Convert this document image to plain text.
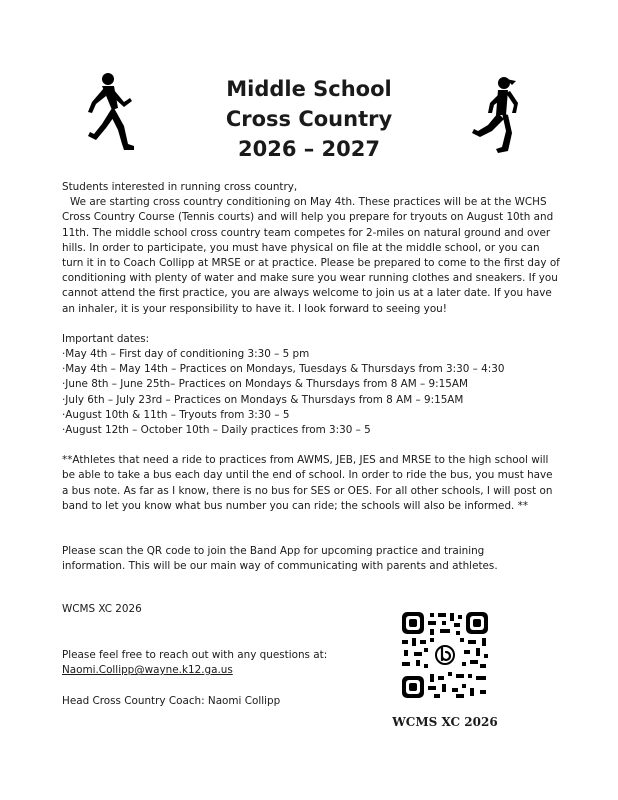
Middle School
Cross Country
2026 – 2027

Students interested in running cross country,

We are starting cross country conditioning on May 4th. These practices will be at the WCHS Cross Country Course (Tennis courts) and will help you prepare for tryouts on August 10th and 11th. The middle school cross country team competes for 2-miles on natural ground and over hills. In order to participate, you must have physical on file at the middle school, or you can turn it in to Coach Collipp at MRSE or at practice. Please be prepared to come to the first day of conditioning with plenty of water and make sure you wear running clothes and sneakers. If you cannot attend the first practice, you are always welcome to join us at a later date. If you have an inhaler, it is your responsibility to have it. I look forward to seeing you!

Important dates:

·May 4th – First day of conditioning 3:30 – 5 pm
·May 4th – May 14th – Practices on Mondays, Tuesdays & Thursdays from 3:30 – 4:30
·June 8th – June 25th– Practices on Mondays & Thursdays from 8 AM – 9:15AM
·July 6th – July 23rd – Practices on Mondays & Thursdays from 8 AM – 9:15AM
·August 10th & 11th – Tryouts from 3:30 – 5
·August 12th – October 10th – Daily practices from 3:30 – 5

**Athletes that need a ride to practices from AWMS, JEB, JES and MRSE to the high school will be able to take a bus each day until the end of school. In order to ride the bus, you must have a bus note. As far as I know, there is no bus for SES or OES. For all other schools, I will post on band to let you know what bus number you can ride; the schools will also be informed. **

Please scan the QR code to join the Band App for upcoming practice and training information. This will be our main way of communicating with parents and athletes.

WCMS XC 2026
Please feel free to reach out with any questions at:
Naomi.Collipp@wayne.k12.ga.us
Head Cross Country Coach: Naomi Collipp
WCMS XC 2026
